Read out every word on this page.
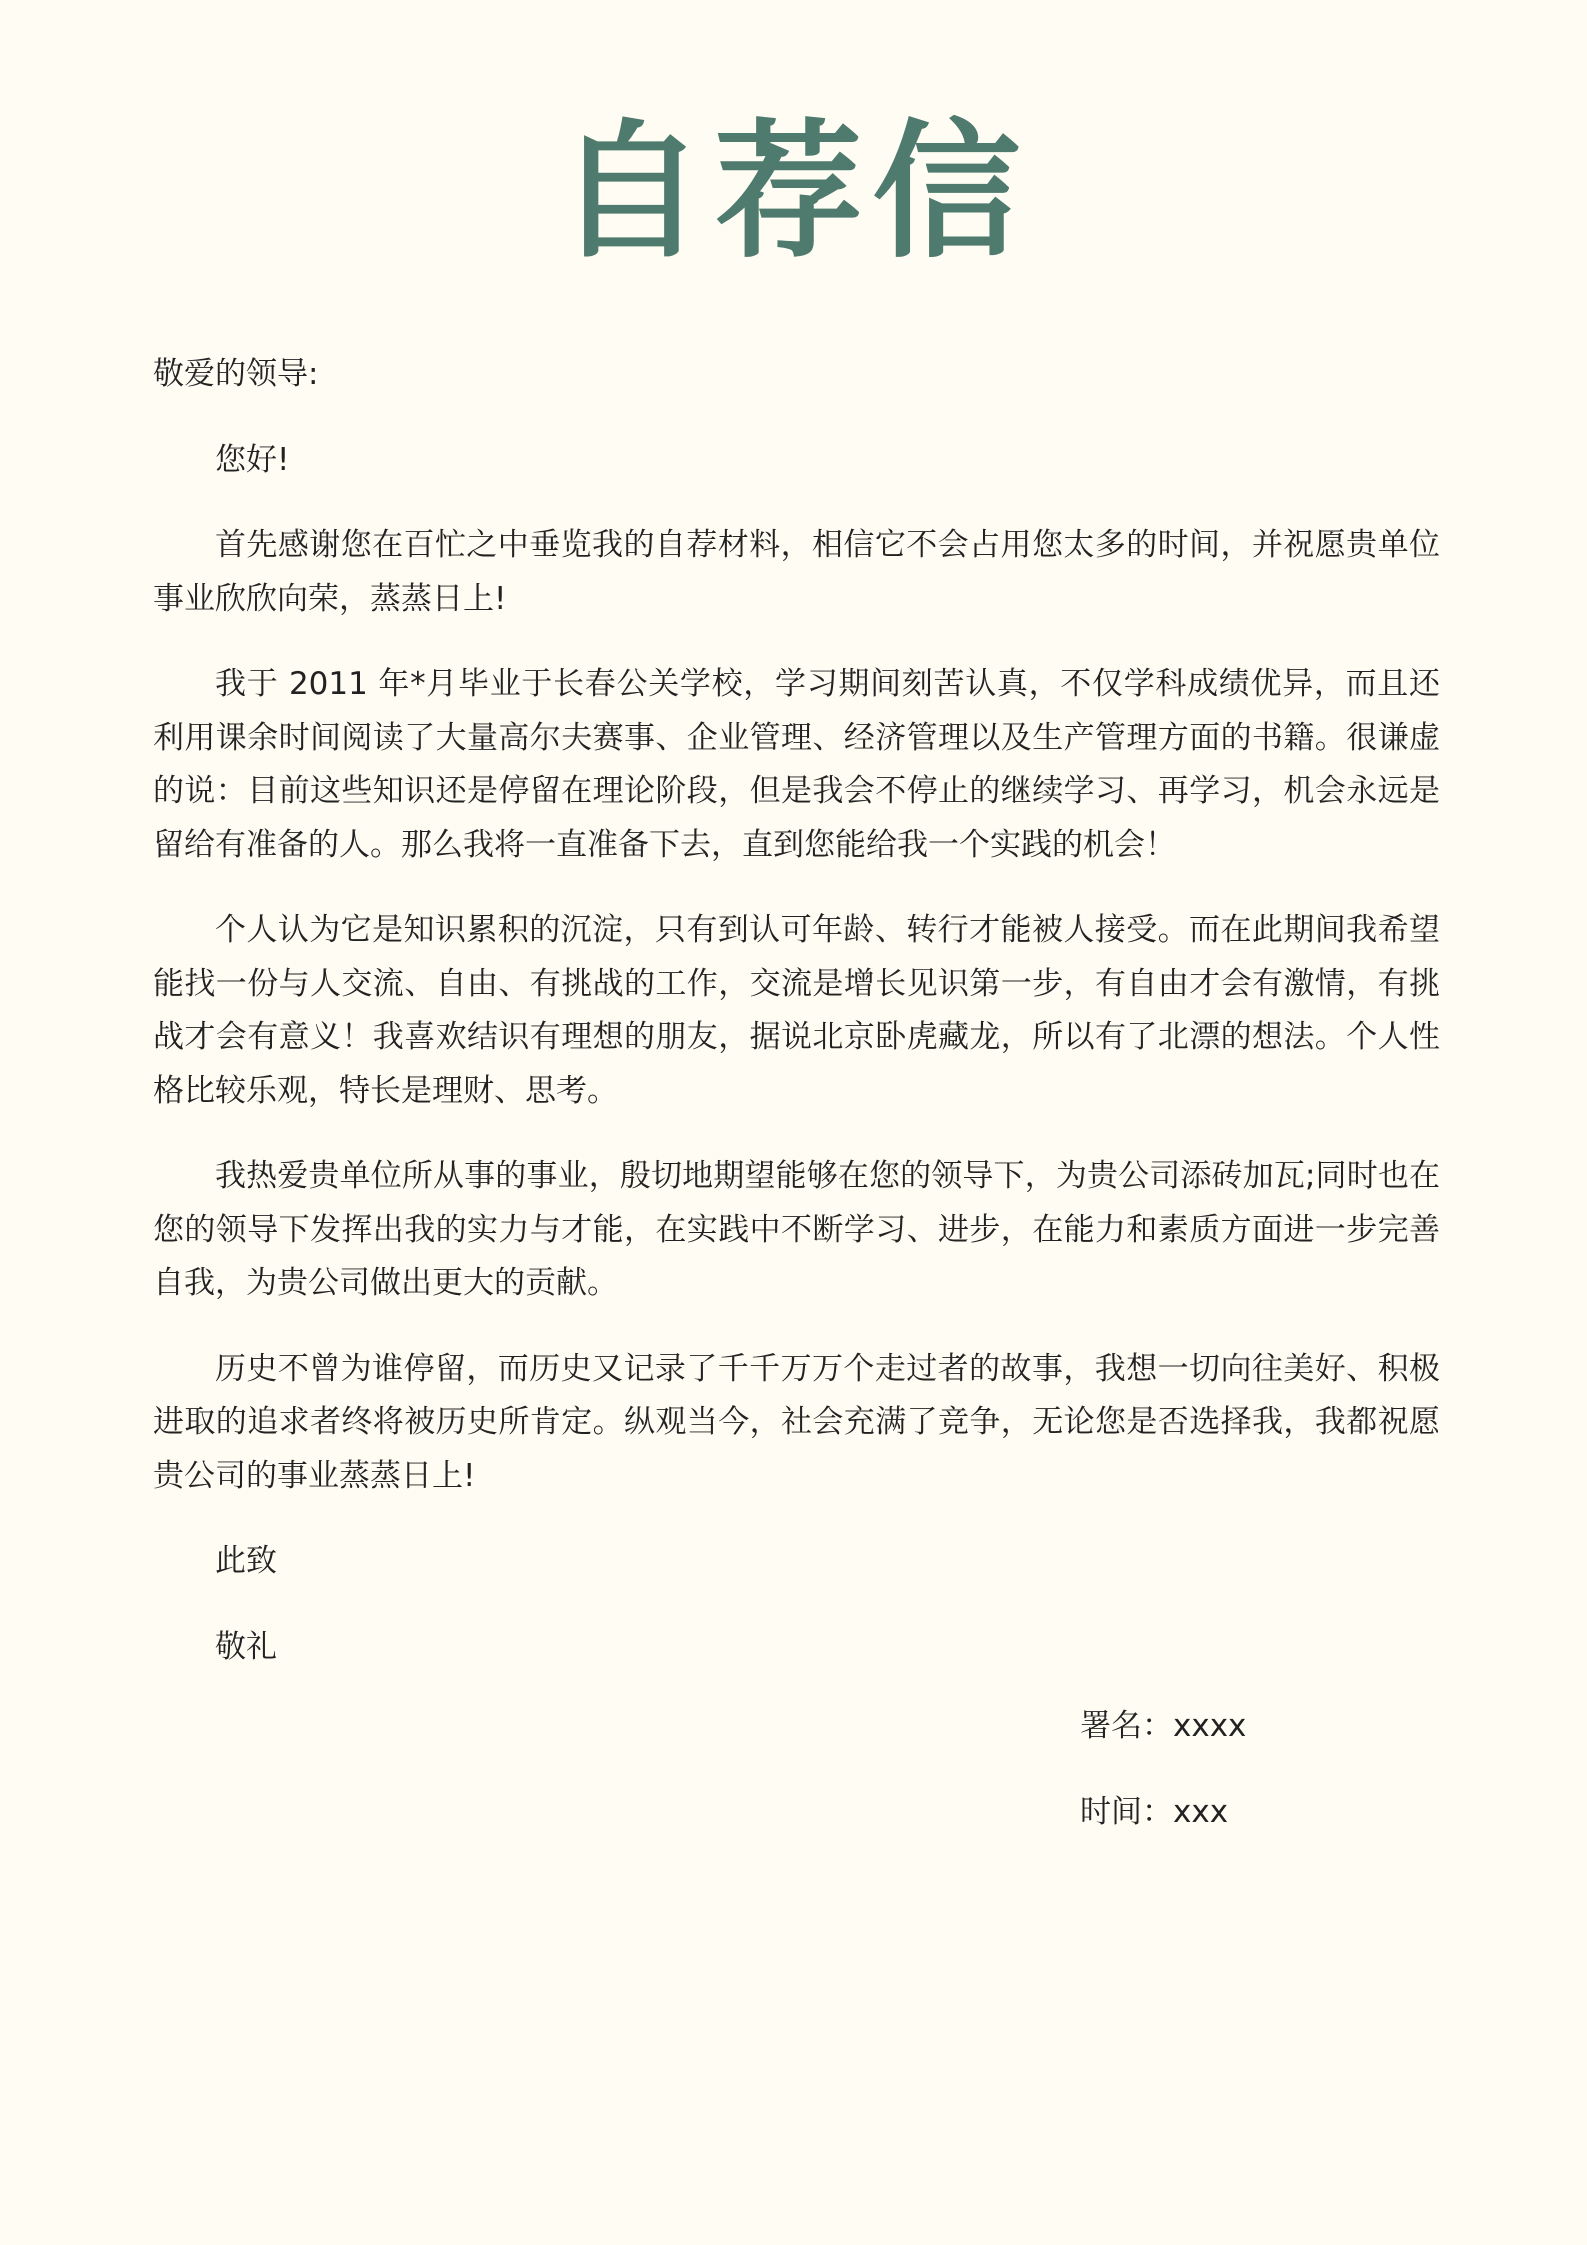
自荐信

敬爱的领导:

您好!

首先感谢您在百忙之中垂览我的自荐材料，相信它不会占用您太多的时间，并祝愿贵单位事业欣欣向荣，蒸蒸日上!

我于 2011 年*月毕业于长春公关学校，学习期间刻苦认真，不仅学科成绩优异，而且还利用课余时间阅读了大量高尔夫赛事、企业管理、经济管理以及生产管理方面的书籍。很谦虚的说：目前这些知识还是停留在理论阶段，但是我会不停止的继续学习、再学习，机会永远是留给有准备的人。那么我将一直准备下去，直到您能给我一个实践的机会！

个人认为它是知识累积的沉淀，只有到认可年龄、转行才能被人接受。而在此期间我希望能找一份与人交流、自由、有挑战的工作，交流是增长见识第一步，有自由才会有激情，有挑战才会有意义！我喜欢结识有理想的朋友，据说北京卧虎藏龙，所以有了北漂的想法。个人性格比较乐观，特长是理财、思考。

我热爱贵单位所从事的事业，殷切地期望能够在您的领导下，为贵公司添砖加瓦;同时也在您的领导下发挥出我的实力与才能，在实践中不断学习、进步，在能力和素质方面进一步完善自我，为贵公司做出更大的贡献。

历史不曾为谁停留，而历史又记录了千千万万个走过者的故事，我想一切向往美好、积极进取的追求者终将被历史所肯定。纵观当今，社会充满了竞争，无论您是否选择我，我都祝愿贵公司的事业蒸蒸日上!

此致

敬礼

署名：xxxx
时间：xxx
